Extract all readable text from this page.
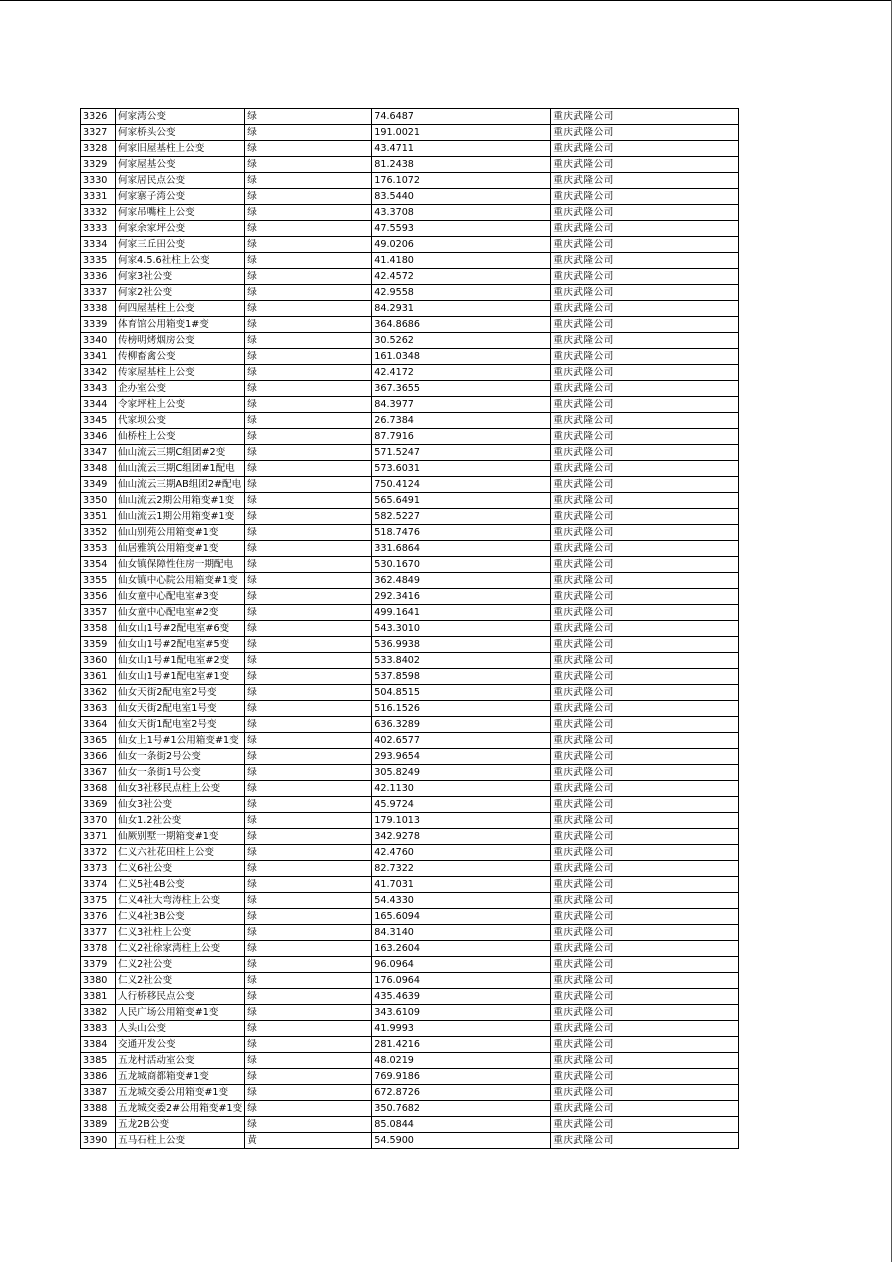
3326	何家湾公变	绿	74.6487	重庆武隆公司
3327	何家桥头公变	绿	191.0021	重庆武隆公司
3328	何家旧屋基柱上公变	绿	43.4711	重庆武隆公司
3329	何家屋基公变	绿	81.2438	重庆武隆公司
3330	何家居民点公变	绿	176.1072	重庆武隆公司
3331	何家寨子湾公变	绿	83.5440	重庆武隆公司
3332	何家吊嘴柱上公变	绿	43.3708	重庆武隆公司
3333	何家余家坪公变	绿	47.5593	重庆武隆公司
3334	何家三丘田公变	绿	49.0206	重庆武隆公司
3335	何家4.5.6社柱上公变	绿	41.4180	重庆武隆公司
3336	何家3社公变	绿	42.4572	重庆武隆公司
3337	何家2社公变	绿	42.9558	重庆武隆公司
3338	何四屋基柱上公变	绿	84.2931	重庆武隆公司
3339	体育馆公用箱变1#变	绿	364.8686	重庆武隆公司
3340	传榜明烤烟房公变	绿	30.5262	重庆武隆公司
3341	传柳畜禽公变	绿	161.0348	重庆武隆公司
3342	传家屋基柱上公变	绿	42.4172	重庆武隆公司
3343	企办室公变	绿	367.3655	重庆武隆公司
3344	令家坪柱上公变	绿	84.3977	重庆武隆公司
3345	代家坝公变	绿	26.7384	重庆武隆公司
3346	仙桥柱上公变	绿	87.7916	重庆武隆公司
3347	仙山流云三期C组团#2变	绿	571.5247	重庆武隆公司
3348	仙山流云三期C组团#1配电	绿	573.6031	重庆武隆公司
3349	仙山流云三期AB组团2#配电	绿	750.4124	重庆武隆公司
3350	仙山流云2期公用箱变#1变	绿	565.6491	重庆武隆公司
3351	仙山流云1期公用箱变#1变	绿	582.5227	重庆武隆公司
3352	仙山别苑公用箱变#1变	绿	518.7476	重庆武隆公司
3353	仙居雅筑公用箱变#1变	绿	331.6864	重庆武隆公司
3354	仙女镇保障性住房一期配电	绿	530.1670	重庆武隆公司
3355	仙女镇中心院公用箱变#1变	绿	362.4849	重庆武隆公司
3356	仙女童中心配电室#3变	绿	292.3416	重庆武隆公司
3357	仙女童中心配电室#2变	绿	499.1641	重庆武隆公司
3358	仙女山1号#2配电室#6变	绿	543.3010	重庆武隆公司
3359	仙女山1号#2配电室#5变	绿	536.9938	重庆武隆公司
3360	仙女山1号#1配电室#2变	绿	533.8402	重庆武隆公司
3361	仙女山1号#1配电室#1变	绿	537.8598	重庆武隆公司
3362	仙女天街2配电室2号变	绿	504.8515	重庆武隆公司
3363	仙女天街2配电室1号变	绿	516.1526	重庆武隆公司
3364	仙女天街1配电室2号变	绿	636.3289	重庆武隆公司
3365	仙女上1号#1公用箱变#1变	绿	402.6577	重庆武隆公司
3366	仙女一条街2号公变	绿	293.9654	重庆武隆公司
3367	仙女一条街1号公变	绿	305.8249	重庆武隆公司
3368	仙女3社移民点柱上公变	绿	42.1130	重庆武隆公司
3369	仙女3社公变	绿	45.9724	重庆武隆公司
3370	仙女1.2社公变	绿	179.1013	重庆武隆公司
3371	仙厥别墅一期箱变#1变	绿	342.9278	重庆武隆公司
3372	仁义六社花田柱上公变	绿	42.4760	重庆武隆公司
3373	仁义6社公变	绿	82.7322	重庆武隆公司
3374	仁义5社4B公变	绿	41.7031	重庆武隆公司
3375	仁义4社大弯涛柱上公变	绿	54.4330	重庆武隆公司
3376	仁义4社3B公变	绿	165.6094	重庆武隆公司
3377	仁义3社柱上公变	绿	84.3140	重庆武隆公司
3378	仁义2社徐家湾柱上公变	绿	163.2604	重庆武隆公司
3379	仁义2社公变	绿	96.0964	重庆武隆公司
3380	仁义2社公变	绿	176.0964	重庆武隆公司
3381	人行桥移民点公变	绿	435.4639	重庆武隆公司
3382	人民广场公用箱变#1变	绿	343.6109	重庆武隆公司
3383	人头山公变	绿	41.9993	重庆武隆公司
3384	交通开发公变	绿	281.4216	重庆武隆公司
3385	五龙村活动室公变	绿	48.0219	重庆武隆公司
3386	五龙城商都箱变#1变	绿	769.9186	重庆武隆公司
3387	五龙城交委公用箱变#1变	绿	672.8726	重庆武隆公司
3388	五龙城交委2#公用箱变#1变	绿	350.7682	重庆武隆公司
3389	五龙2B公变	绿	85.0844	重庆武隆公司
3390	五马石柱上公变	黄	54.5900	重庆武隆公司
